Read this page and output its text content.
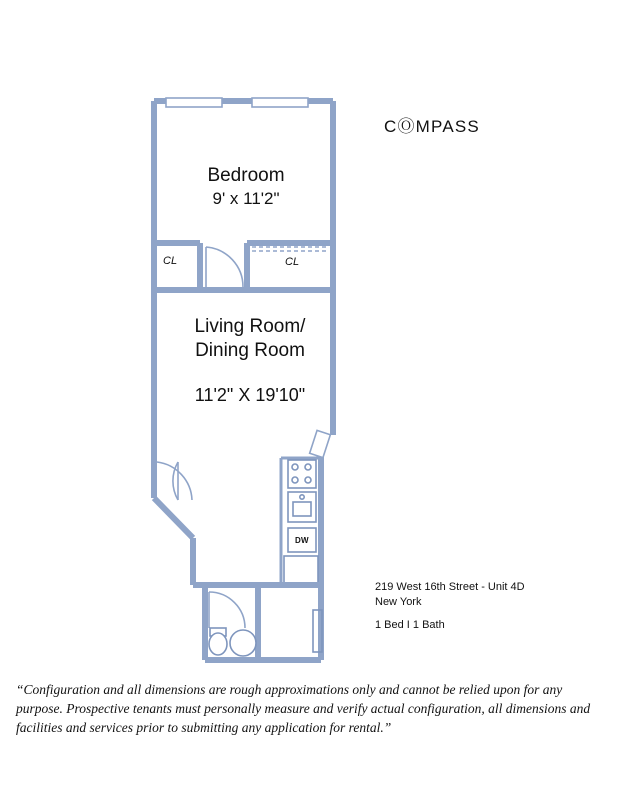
CⓄMPASS
Bedroom
9' x 11'2"
Living Room/
Dining Room
11'2" X 19'10"
CL	CL
DW
219 West 16th Street - Unit 4D
New York
1 Bed I 1 Bath
“Configuration and all dimensions are rough approximations only and cannot be relied upon for any purpose. Prospective tenants must personally measure and verify actual configuration, all dimensions and facilities and services prior to submitting any application for rental.”
